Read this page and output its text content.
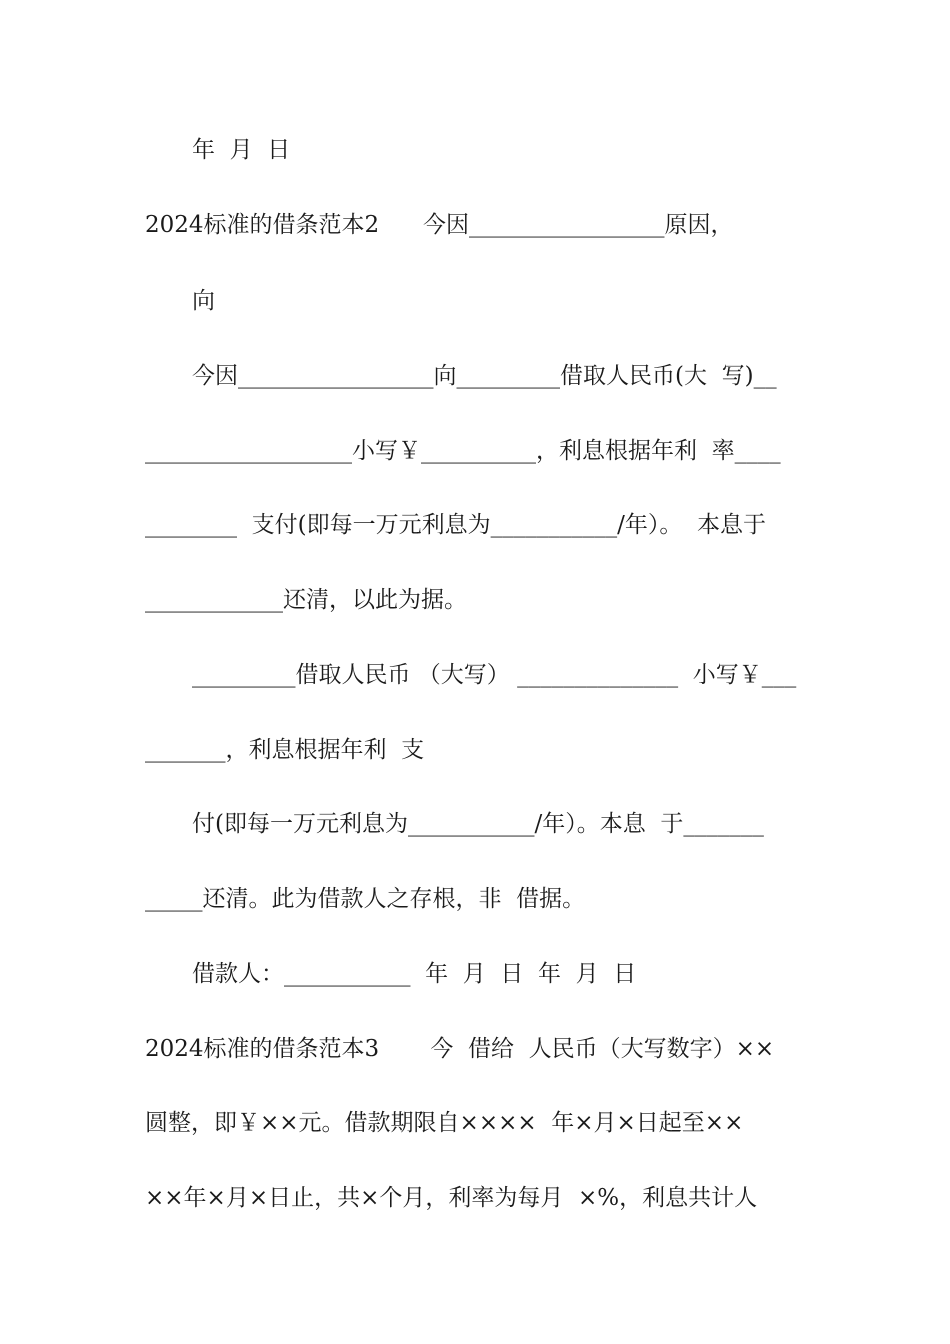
年  月  日
2024标准的借条范本2      今因_________________原因，
向
今因_________________向_________借取人民币(大  写)__
__________________小写￥__________，利息根据年利  率____
________  支付(即每一万元利息为___________/年）。  本息于
____________还清，以此为据。
_________借取人民币 （大写） ______________  小写￥___
_______，利息根据年利  支
付(即每一万元利息为___________/年）。本息  于_______
_____还清。此为借款人之存根，非  借据。
借款人：___________  年  月  日  年  月  日
2024标准的借条范本3       今  借给  人民币（大写数字）××
圆整，即￥××元。借款期限自××××  年×月×日起至××
××年×月×日止，共×个月，利率为每月  ×%，利息共计人
